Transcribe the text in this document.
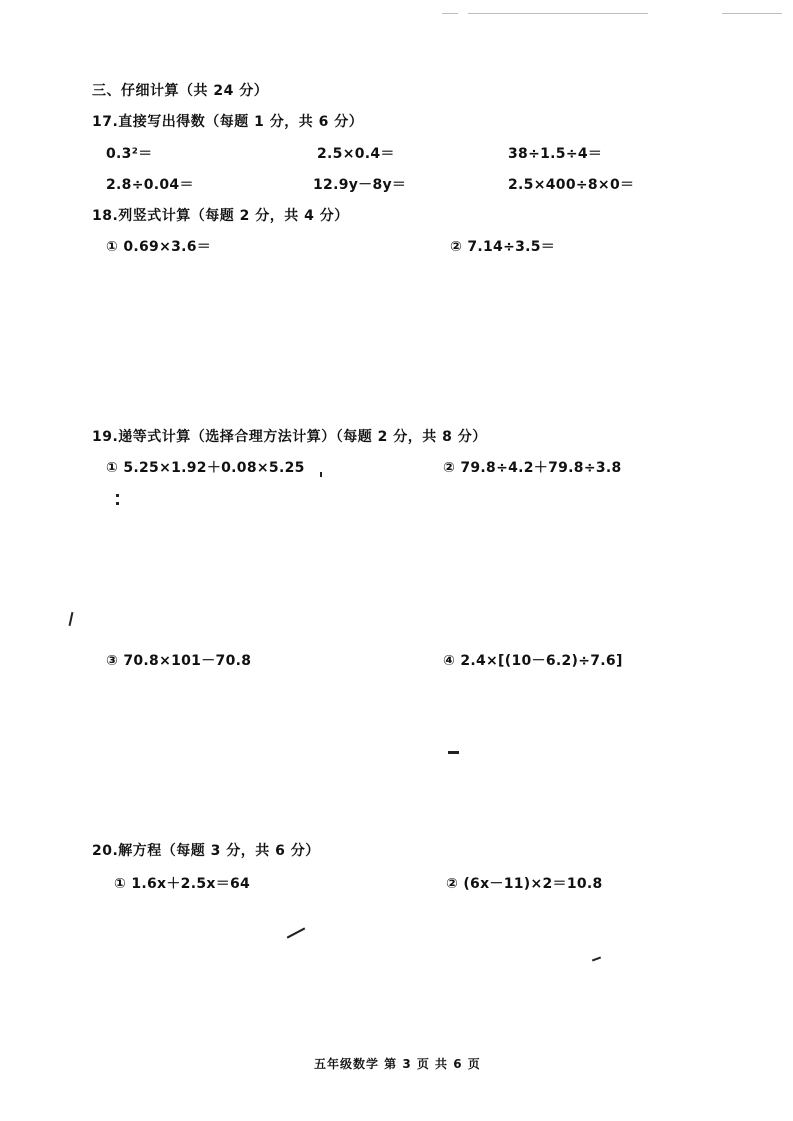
三、仔细计算（共 24 分）
17.直接写出得数（每题 1 分，共 6 分）
0.3²＝	2.5×0.4＝	38÷1.5÷4＝
2.8÷0.04＝	12.9y－8y＝	2.5×400÷8×0＝
18.列竖式计算（每题 2 分，共 4 分）
① 0.69×3.6＝	② 7.14÷3.5＝
19.递等式计算（选择合理方法计算）（每题 2 分，共 8 分）
① 5.25×1.92＋0.08×5.25	② 79.8÷4.2＋79.8÷3.8
③ 70.8×101－70.8	④ 2.4×[(10－6.2)÷7.6]
20.解方程（每题 3 分，共 6 分）
① 1.6x＋2.5x＝64	② (6x－11)×2＝10.8
五年级数学 第 3 页 共 6 页
